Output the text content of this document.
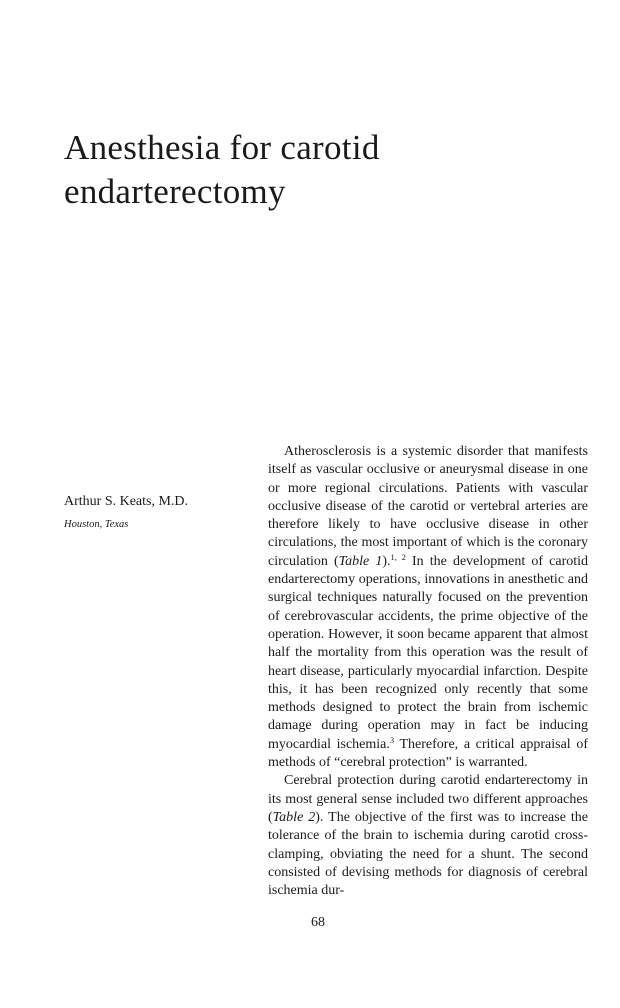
Anesthesia for carotid
endarterectomy
Arthur S. Keats, M.D.
Houston, Texas

Atherosclerosis is a systemic disorder that manifests itself as vascular occlusive or aneurysmal disease in one or more regional circulations. Patients with vascular occlusive disease of the carotid or vertebral arteries are therefore likely to have occlusive disease in other circulations, the most important of which is the coronary circulation (Table 1).$^{1, 2}$ In the development of carotid endarterectomy operations, innovations in anesthetic and surgical techniques naturally focused on the prevention of cerebrovascular accidents, the prime objective of the operation. However, it soon became apparent that almost half the mortality from this operation was the result of heart disease, particularly myocardial infarction. Despite this, it has been recognized only recently that some methods designed to protect the brain from ischemic damage during operation may in fact be inducing myocardial ischemia.$^3$ Therefore, a critical appraisal of methods of “cerebral protection” is warranted.

Cerebral protection during carotid endarterectomy in its most general sense included two different approaches (Table 2). The objective of the first was to increase the tolerance of the brain to ischemia during carotid cross-clamping, obviating the need for a shunt. The second consisted of devising methods for diagnosis of cerebral ischemia dur-

68
